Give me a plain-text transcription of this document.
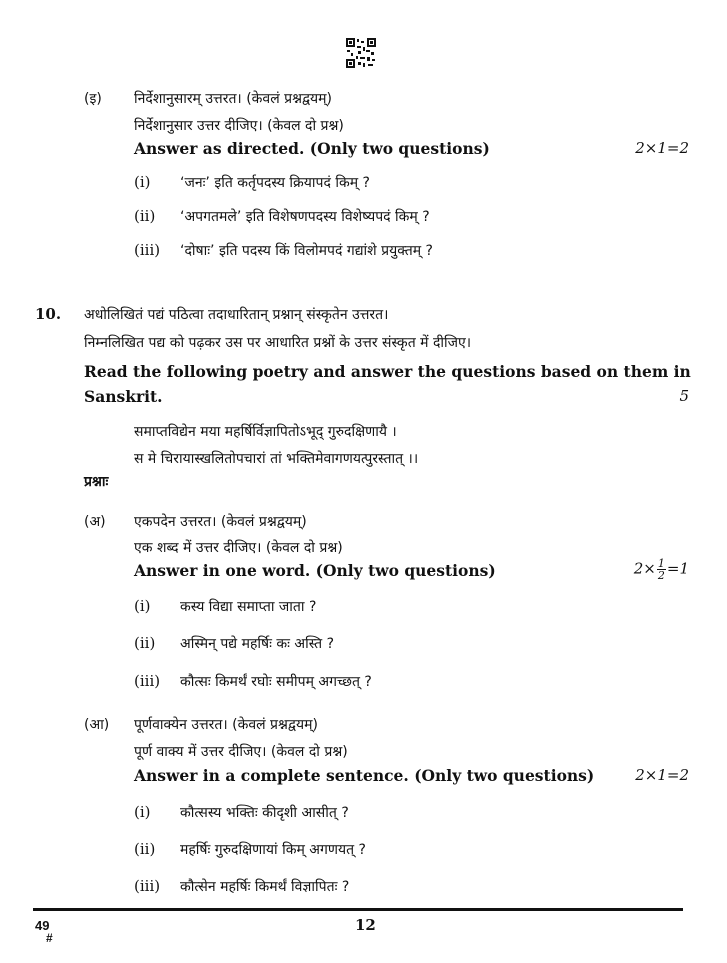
(इ) निर्देशानुसारम् उत्तरत। (केवलं प्रश्नद्वयम्)
निर्देशानुसार उत्तर दीजिए। (केवल दो प्रश्न)
Answer as directed. (Only two questions)	2×1=2
(i) ‘जनः’ इति कर्तृपदस्य क्रियापदं किम् ?
(ii) ‘अपगतमले’ इति विशेषणपदस्य विशेष्यपदं किम् ?
(iii) ‘दोषाः’ इति पदस्य किं विलोमपदं गद्यांशे प्रयुक्तम् ?
10. अधोलिखितं पद्यं पठित्वा तदाधारितान् प्रश्नान् संस्कृतेन उत्तरत।
निम्नलिखित पद्य को पढ़कर उस पर आधारित प्रश्नों के उत्तर संस्कृत में दीजिए।
Read the following poetry and answer the questions based on them in
Sanskrit.	5
समाप्तविद्येन मया महर्षिर्विज्ञापितोऽभूद् गुरुदक्षिणायै ।
स मे चिरायास्खलितोपचारां तां भक्तिमेवागणयत्पुरस्तात् ।।
प्रश्नाः
(अ) एकपदेन उत्तरत। (केवलं प्रश्नद्वयम्)
एक शब्द में उत्तर दीजिए। (केवल दो प्रश्न)
Answer in one word. (Only two questions)	$2\times \frac{1}{2} =1$
(i) कस्य विद्या समाप्ता जाता ?
(ii) अस्मिन् पद्ये महर्षिः कः अस्ति ?
(iii) कौत्सः किमर्थं रघोः समीपम् अगच्छत् ?
(आ) पूर्णवाक्येन उत्तरत। (केवलं प्रश्नद्वयम्)
पूर्ण वाक्य में उत्तर दीजिए। (केवल दो प्रश्न)
Answer in a complete sentence. (Only two questions)	2×1=2
(i) कौत्सस्य भक्तिः कीदृशी आसीत् ?
(ii) महर्षिः गुरुदक्षिणायां किम् अगणयत् ?
(iii) कौत्सेन महर्षिः किमर्थं विज्ञापितः ?
49
#
12
